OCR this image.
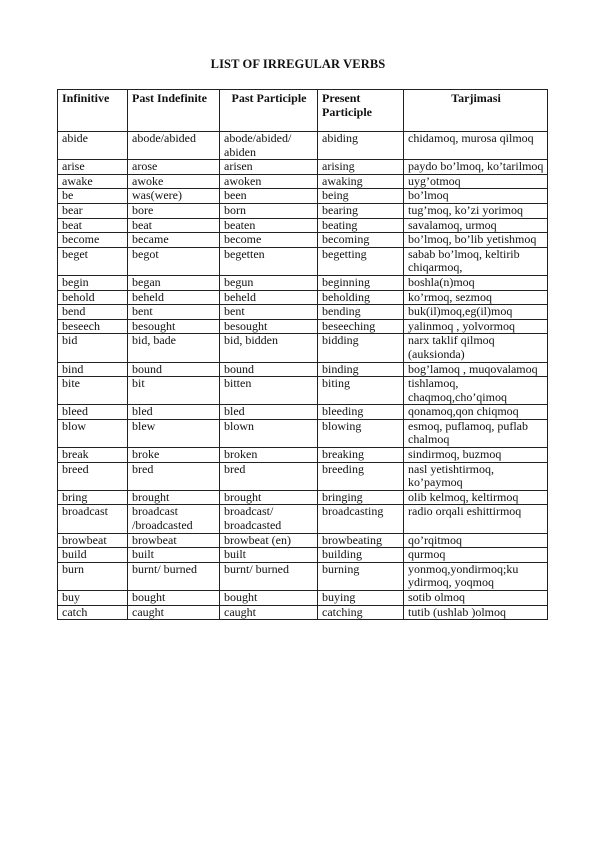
LIST OF IRREGULAR VERBS
Infinitive	Past Indefinite	Past Participle	Present Participle	Tarjimasi
abide	abode/abided	abode/abided/ abiden	abiding	chidamoq, murosa qilmoq
arise	arose	arisen	arising	paydo bo’lmoq, ko’tarilmoq
awake	awoke	awoken	awaking	uyg’otmoq
be	was(were)	been	being	bo’lmoq
bear	bore	born	bearing	tug’moq, ko’zi yorimoq
beat	beat	beaten	beating	savalamoq, urmoq
become	became	become	becoming	bo’lmoq, bo’lib yetishmoq
beget	begot	begetten	begetting	sabab bo’lmoq, keltirib chiqarmoq,
begin	began	begun	beginning	boshla(n)moq
behold	beheld	beheld	beholding	ko’rmoq, sezmoq
bend	bent	bent	bending	buk(il)moq,eg(il)moq
beseech	besought	besought	beseeching	yalinmoq , yolvormoq
bid	bid, bade	bid, bidden	bidding	narx taklif qilmoq (auksionda)
bind	bound	bound	binding	bog’lamoq , muqovalamoq
bite	bit	bitten	biting	tishlamoq, chaqmoq,cho’qimoq
bleed	bled	bled	bleeding	qonamoq,qon chiqmoq
blow	blew	blown	blowing	esmoq, puflamoq, puflab chalmoq
break	broke	broken	breaking	sindirmoq, buzmoq
breed	bred	bred	breeding	nasl yetishtirmoq, ko’paymoq
bring	brought	brought	bringing	olib kelmoq, keltirmoq
broadcast	broadcast /broadcasted	broadcast/ broadcasted	broadcasting	radio orqali eshittirmoq
browbeat	browbeat	browbeat (en)	browbeating	qo’rqitmoq
build	built	built	building	qurmoq
burn	burnt/ burned	burnt/ burned	burning	yonmoq,yondirmoq;ku ydirmoq, yoqmoq
buy	bought	bought	buying	sotib olmoq
catch	caught	caught	catching	tutib (ushlab )olmoq
